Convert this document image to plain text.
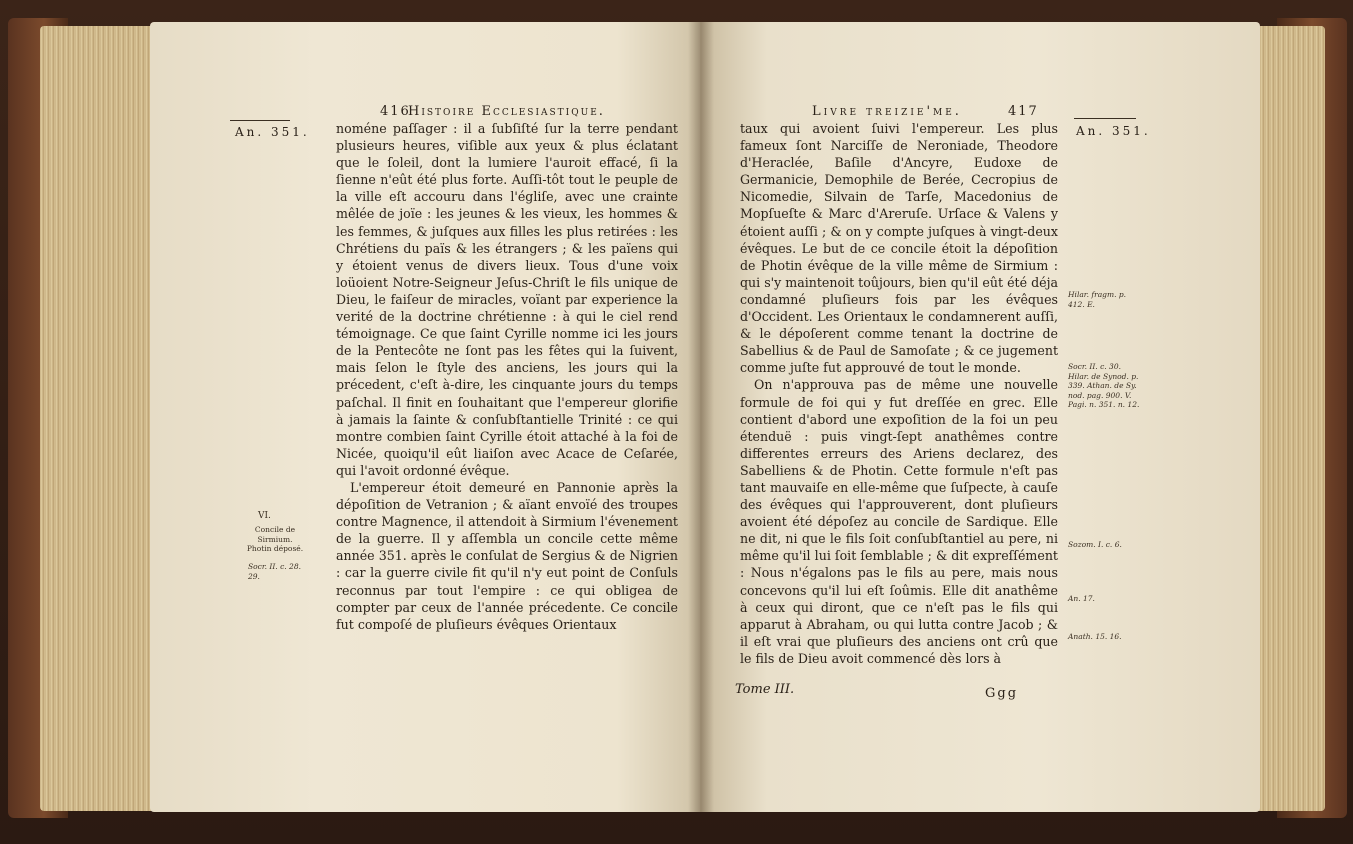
416
Histoire Ecclesiastique.
An. 351.
VI.
Concile de Sirmium. Photin déposé.
Socr. II. c. 28. 29.

noméne paſſager : il a ſubſiſté ſur la terre pendant plusieurs heures, viſible aux yeux & plus éclatant que le ſoleil, dont la lumiere l'auroit effacé, ſi la ſienne n'eût été plus forte. Auſſi-tôt tout le peuple de la ville eſt accouru dans l'égliſe, avec une crainte mêlée de joïe : les jeunes & les vieux, les hommes & les femmes, & juſques aux filles les plus retirées : les Chrétiens du païs & les étrangers ; & les païens qui y étoient venus de divers lieux. Tous d'une voix loüoient Notre-Seigneur Jeſus-Chriſt le fils unique de Dieu, le faiſeur de miracles, voïant par experience la verité de la doctrine chrétienne : à qui le ciel rend témoignage. Ce que ſaint Cyrille nomme ici les jours de la Pentecôte ne ſont pas les fêtes qui la ſuivent, mais ſelon le ſtyle des anciens, les jours qui la précedent, c'eſt à-dire, les cinquante jours du temps paſchal. Il finit en ſouhaitant que l'empereur glorifie à jamais la ſainte & conſubſtantielle Trinité : ce qui montre combien ſaint Cyrille étoit attaché à la foi de Nicée, quoiqu'il eût liaiſon avec Acace de Ceſarée, qui l'avoit ordonné évêque.

L'empereur étoit demeuré en Pannonie après la dépoſition de Vetranion ; & aïant envoïé des troupes contre Magnence, il attendoit à Sirmium l'évenement de la guerre. Il y aſſembla un concile cette même année 351. après le conſulat de Sergius & de Nigrien : car la guerre civile fit qu'il n'y eut point de Conſuls reconnus par tout l'empire : ce qui obligea de compter par ceux de l'année précedente. Ce concile fut compoſé de pluſieurs évêques Orientaux

Livre treizie'me.	417

taux qui avoient ſuivi l'empereur. Les plus fameux ſont Narciſſe de Neroniade, Theodore d'Heraclée, Baſile d'Ancyre, Eudoxe de Germanicie, Demophile de Berée, Cecropius de Nicomedie, Silvain de Tarſe, Macedonius de Mopſueſte & Marc d'Areruſe. Urſace & Valens y étoient auſſi ; & on y compte juſques à vingt-deux évêques. Le but de ce concile étoit la dépoſition de Photin évêque de la ville même de Sirmium : qui s'y maintenoit toûjours, bien qu'il eût été déja condamné pluſieurs fois par les évêques d'Occident. Les Orientaux le condamnerent auſſi, & le dépoſerent comme tenant la doctrine de Sabellius & de Paul de Samoſate ; & ce jugement comme juſte fut approuvé de tout le monde.

On n'approuva pas de même une nouvelle formule de foi qui y fut dreſſée en grec. Elle contient d'abord une expoſition de la foi un peu étenduë : puis vingt-ſept anathêmes contre differentes erreurs des Ariens declarez, des Sabelliens & de Photin. Cette formule n'eſt pas tant mauvaiſe en elle-même que ſuſpecte, à cauſe des évêques qui l'approuverent, dont pluſieurs avoient été dépoſez au concile de Sardique. Elle ne dit, ni que le fils ſoit conſubſtantiel au pere, ni même qu'il lui ſoit ſemblable ; & dit expreſſément : Nous n'égalons pas le fils au pere, mais nous concevons qu'il lui eſt ſoûmis. Elle dit anathême à ceux qui diront, que ce n'eſt pas le fils qui apparut à Abraham, ou qui lutta contre Jacob ; & il eſt vrai que pluſieurs des anciens ont crû que le fils de Dieu avoit commencé dès lors à

An. 351.
Hilar. fragm. p. 412. E.
Socr. II. c. 30. Hilar. de Synod. p. 339. Athan. de Sy. nod. pag. 900. V. Pagi. n. 351. n. 12.
Sozom. I. c. 6.
An. 17.
Anath. 15. 16.
Tome III.	Ggg
